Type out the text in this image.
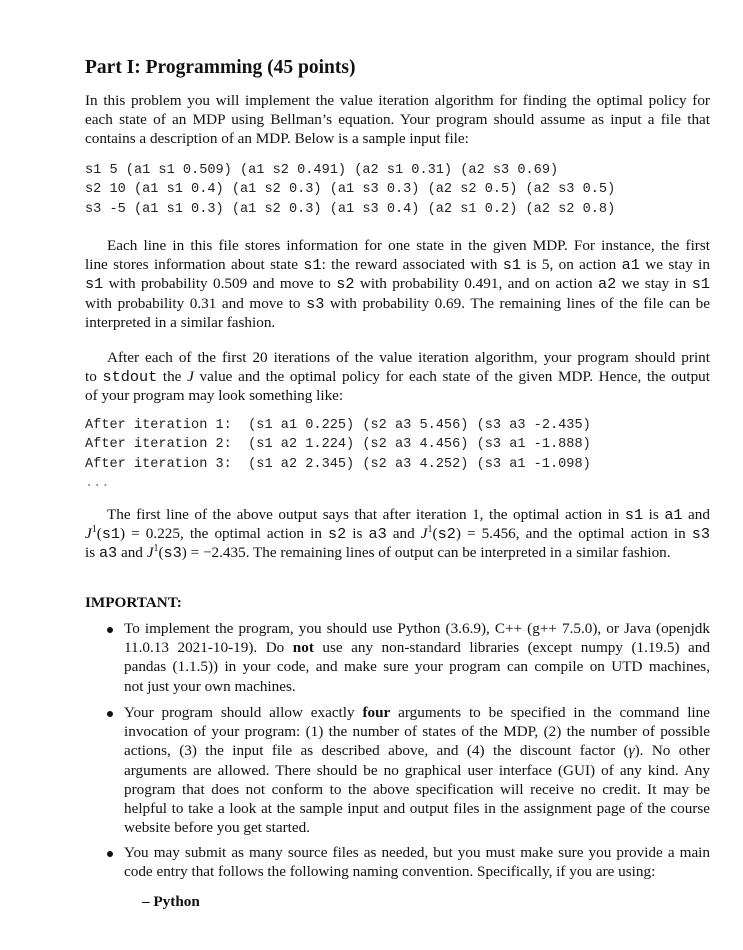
Part I: Programming (45 points)
In this problem you will implement the value iteration algorithm for finding the optimal policy for
each state of an MDP using Bellman’s equation. Your program should assume as input a file that
contains a description of an MDP. Below is a sample input file:
s1 5 (a1 s1 0.509) (a1 s2 0.491) (a2 s1 0.31) (a2 s3 0.69)
s2 10 (a1 s1 0.4) (a1 s2 0.3) (a1 s3 0.3) (a2 s2 0.5) (a2 s3 0.5)
s3 -5 (a1 s1 0.3) (a1 s2 0.3) (a1 s3 0.4) (a2 s1 0.2) (a2 s2 0.8)
Each line in this file stores information for one state in the given MDP. For instance, the first
line stores information about state s1: the reward associated with s1 is 5, on action a1 we stay in
s1 with probability 0.509 and move to s2 with probability 0.491, and on action a2 we stay in s1
with probability 0.31 and move to s3 with probability 0.69. The remaining lines of the file can be
interpreted in a similar fashion.
After each of the first 20 iterations of the value iteration algorithm, your program should print
to stdout the J value and the optimal policy for each state of the given MDP. Hence, the output
of your program may look something like:
After iteration 1:  (s1 a1 0.225) (s2 a3 5.456) (s3 a3 -2.435)
After iteration 2:  (s1 a2 1.224) (s2 a3 4.456) (s3 a1 -1.888)
After iteration 3:  (s1 a2 2.345) (s2 a3 4.252) (s3 a1 -1.098)
...
The first line of the above output says that after iteration 1, the optimal action in s1 is a1 and
$J^1(s1) = 0.225$, the optimal action in s2 is a3 and $J^1(s2) = 5.456$, and the optimal action in s3
is a3 and $J^1(s3) = -2.435$. The remaining lines of output can be interpreted in a similar fashion.
IMPORTANT:
To implement the program, you should use Python (3.6.9), C++ (g++ 7.5.0), or Java (openjdk
11.0.13 2021-10-19). Do not use any non-standard libraries (except numpy (1.19.5) and
pandas (1.1.5)) in your code, and make sure your program can compile on UTD machines,
not just your own machines.
Your program should allow exactly four arguments to be specified in the command line
invocation of your program: (1) the number of states of the MDP, (2) the number of possible
actions, (3) the input file as described above, and (4) the discount factor (γ). No other
arguments are allowed. There should be no graphical user interface (GUI) of any kind. Any
program that does not conform to the above specification will receive no credit. It may be
helpful to take a look at the sample input and output files in the assignment page of the course
website before you get started.
You may submit as many source files as needed, but you must make sure you provide a main
code entry that follows the following naming convention. Specifically, if you are using:
– Python
